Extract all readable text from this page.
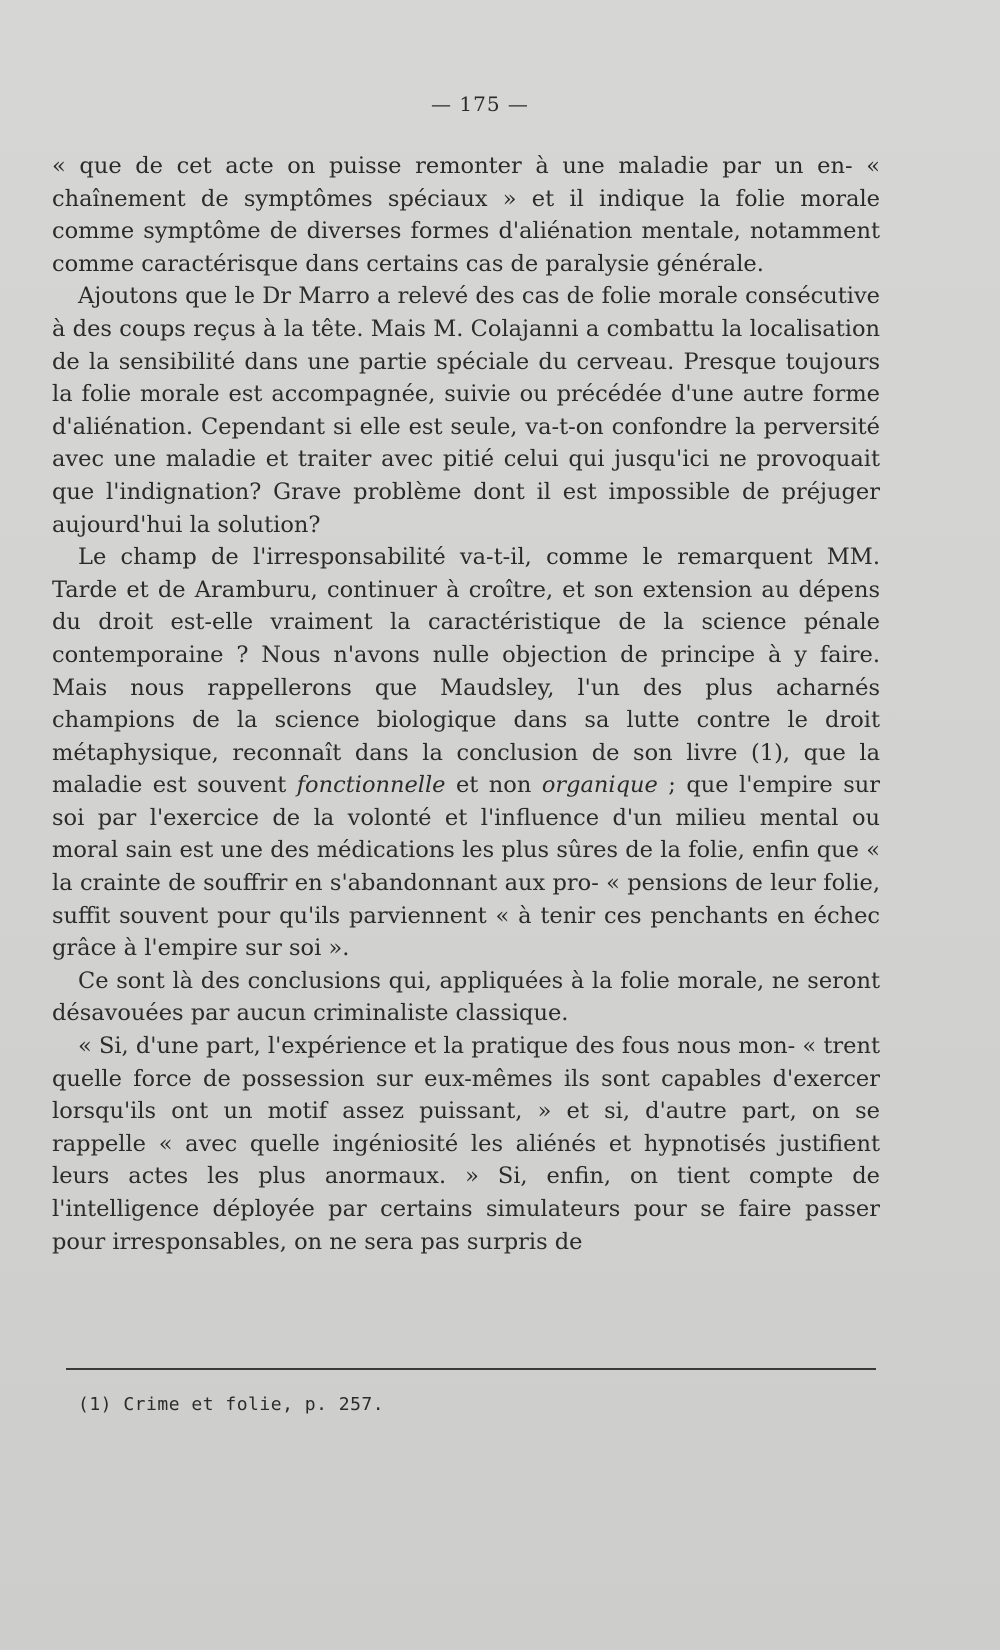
— 175 —

« que de cet acte on puisse remonter à une maladie par un en- « chaînement de symptômes spéciaux » et il indique la folie morale comme symptôme de diverses formes d'aliénation mentale, notamment comme caractérisque dans certains cas de paralysie générale.

Ajoutons que le Dr Marro a relevé des cas de folie morale consécutive à des coups reçus à la tête. Mais M. Colajanni a combattu la localisation de la sensibilité dans une partie spéciale du cerveau. Presque toujours la folie morale est accompagnée, suivie ou précédée d'une autre forme d'aliénation. Cependant si elle est seule, va-t-on confondre la perversité avec une maladie et traiter avec pitié celui qui jusqu'ici ne provoquait que l'indignation? Grave problème dont il est impossible de préjuger aujourd'hui la solution?

Le champ de l'irresponsabilité va-t-il, comme le remarquent MM. Tarde et de Aramburu, continuer à croître, et son extension au dépens du droit est-elle vraiment la caractéristique de la science pénale contemporaine ? Nous n'avons nulle objection de principe à y faire. Mais nous rappellerons que Maudsley, l'un des plus acharnés champions de la science biologique dans sa lutte contre le droit métaphysique, reconnaît dans la conclusion de son livre (1), que la maladie est souvent fonctionnelle et non organique ; que l'empire sur soi par l'exercice de la volonté et l'influence d'un milieu mental ou moral sain est une des médications les plus sûres de la folie, enfin que « la crainte de souffrir en s'abandonnant aux pro- « pensions de leur folie, suffit souvent pour qu'ils parviennent « à tenir ces penchants en échec grâce à l'empire sur soi ».

Ce sont là des conclusions qui, appliquées à la folie morale, ne seront désavouées par aucun criminaliste classique.

« Si, d'une part, l'expérience et la pratique des fous nous mon- « trent quelle force de possession sur eux-mêmes ils sont capables d'exercer lorsqu'ils ont un motif assez puissant, » et si, d'autre part, on se rappelle « avec quelle ingéniosité les aliénés et hypnotisés justifient leurs actes les plus anormaux. » Si, enfin, on tient compte de l'intelligence déployée par certains simulateurs pour se faire passer pour irresponsables, on ne sera pas surpris de

(1) Crime et folie, p. 257.
